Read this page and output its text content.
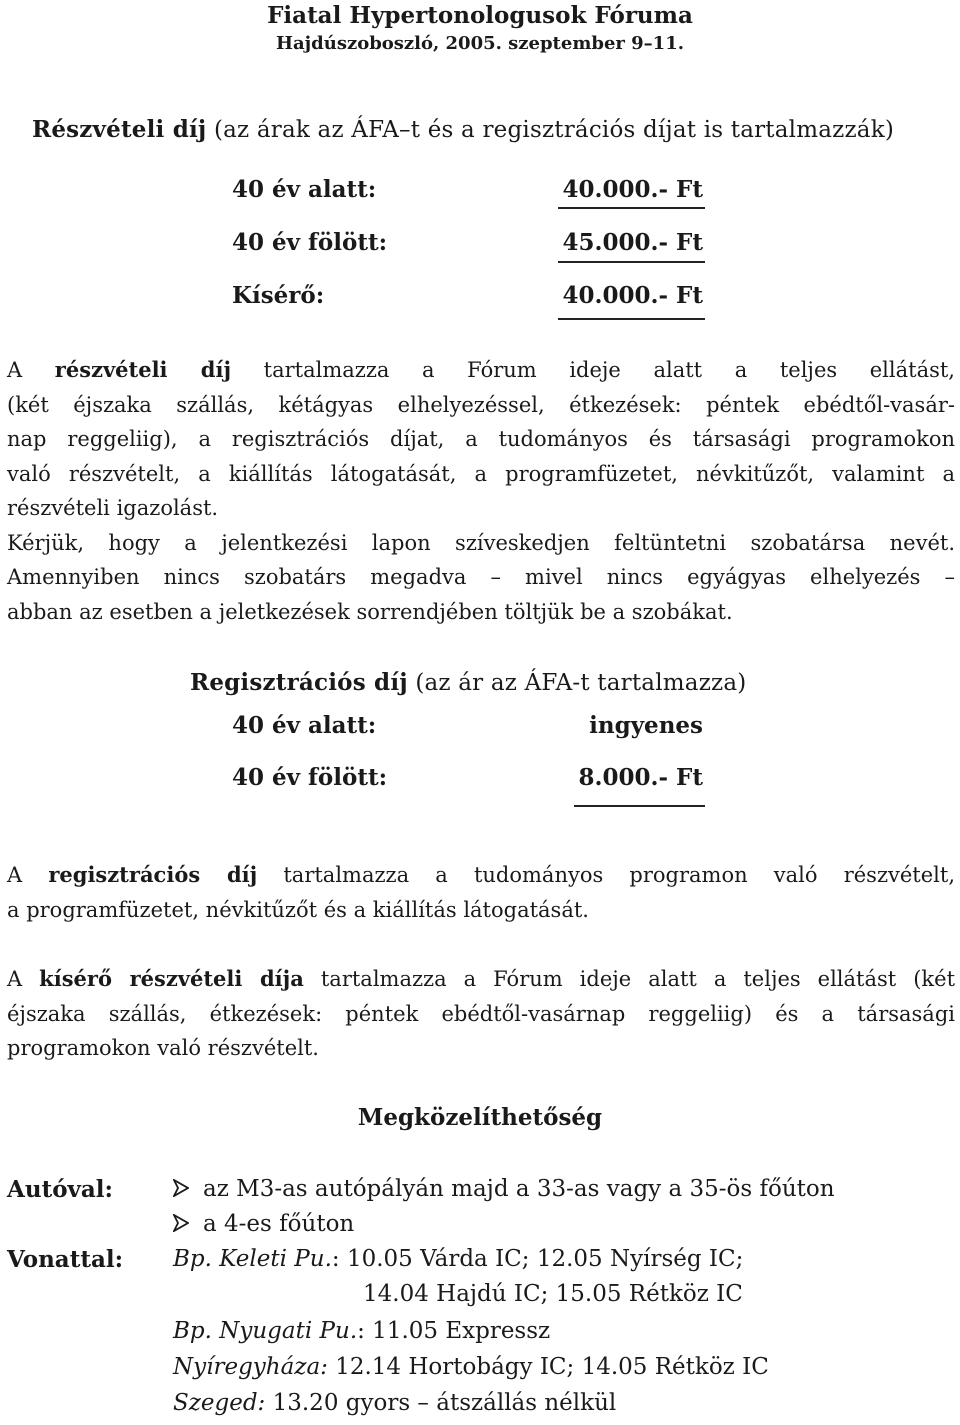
Fiatal Hypertonologusok Fóruma
Hajdúszoboszló, 2005. szeptember 9–11.
Részvételi díj (az árak az ÁFA–t és a regisztrációs díjat is tartalmazzák)
40 év alatt:	40.000.- Ft
40 év fölött:	45.000.- Ft
Kísérő:	40.000.- Ft
A részvételi díj tartalmazza a Fórum ideje alatt a teljes ellátást,
(két éjszaka szállás, kétágyas elhelyezéssel, étkezések: péntek ebédtől-vasár-
nap reggeliig), a regisztrációs díjat, a tudományos és társasági programokon
való részvételt, a kiállítás látogatását, a programfüzetet, névkitűzőt, valamint a
részvételi igazolást.
Kérjük, hogy a jelentkezési lapon szíveskedjen feltüntetni szobatársa nevét.
Amennyiben nincs szobatárs megadva – mivel nincs egyágyas elhelyezés –
abban az esetben a jeletkezések sorrendjében töltjük be a szobákat.
Regisztrációs díj (az ár az ÁFA-t tartalmazza)
40 év alatt:	ingyenes
40 év fölött:	8.000.- Ft
A regisztrációs díj tartalmazza a tudományos programon való részvételt,
a programfüzetet, névkitűzőt és a kiállítás látogatását.
A kísérő részvételi díja tartalmazza a Fórum ideje alatt a teljes ellátást (két
éjszaka szállás, étkezések: péntek ebédtől-vasárnap reggeliig) és a társasági
programokon való részvételt.
Megközelíthetőség
Autóval:	az M3-as autópályán majd a 33-as vagy a 35-ös főúton
a 4-es főúton
Vonattal: Bp. Keleti Pu.: 10.05 Várda IC; 12.05 Nyírség IC;
14.04 Hajdú IC; 15.05 Rétköz IC
Bp. Nyugati Pu.: 11.05 Expressz
Nyíregyháza: 12.14 Hortobágy IC; 14.05 Rétköz IC
Szeged: 13.20 gyors – átszállás nélkül
